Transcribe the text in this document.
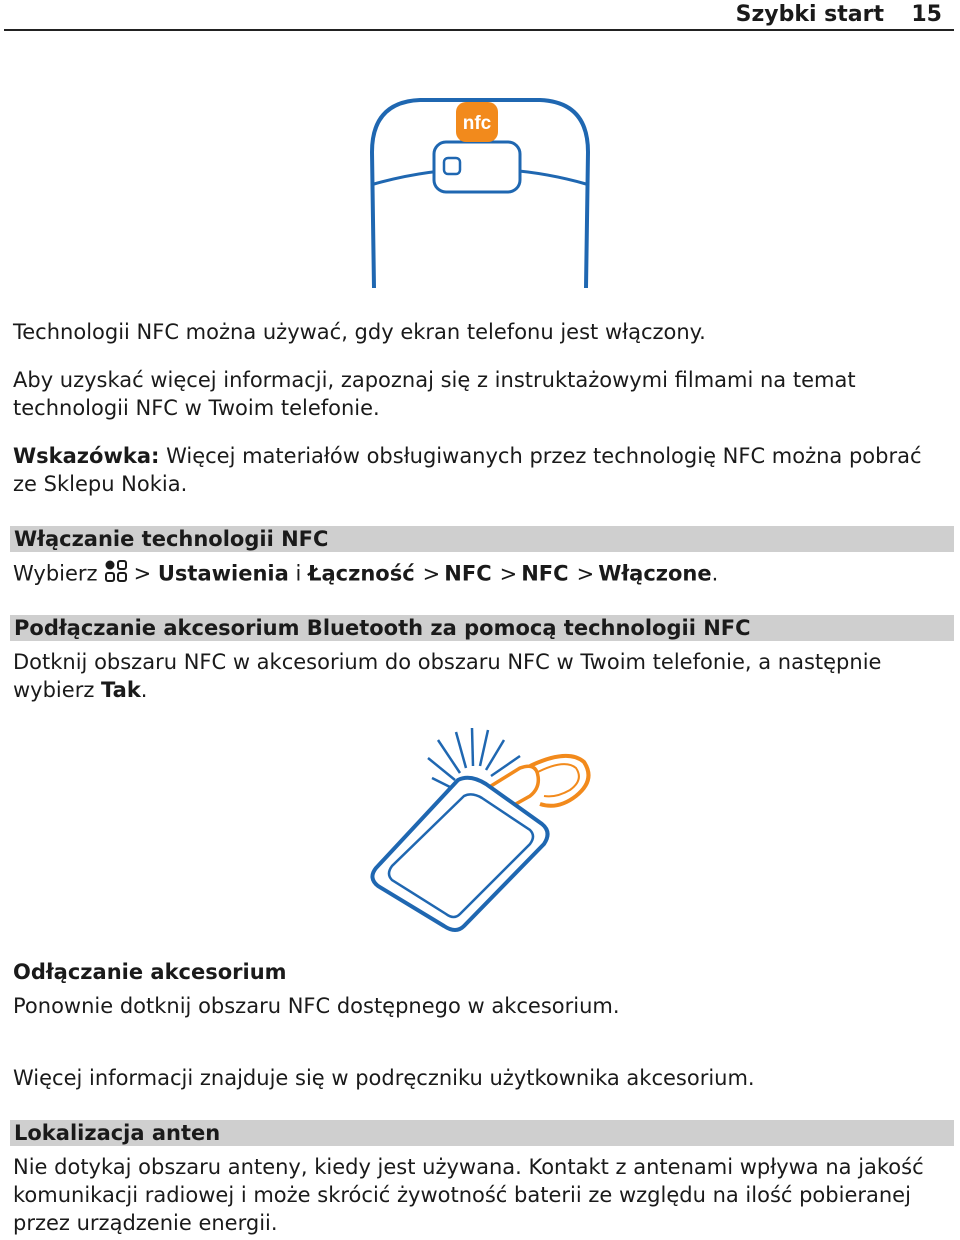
Szybki start 15
nfc
Technologii NFC można używać, gdy ekran telefonu jest włączony.
Aby uzyskać więcej informacji, zapoznaj się z instruktażowymi filmami na temat technologii NFC w Twoim telefonie.
Wskazówka: Więcej materiałów obsługiwanych przez technologię NFC można pobrać ze Sklepu Nokia.
Włączanie technologii NFC
Wybierz > Ustawienia i Łączność > NFC > NFC > Włączone.
Podłączanie akcesorium Bluetooth za pomocą technologii NFC
Dotknij obszaru NFC w akcesorium do obszaru NFC w Twoim telefonie, a następnie wybierz Tak.
Odłączanie akcesorium
Ponownie dotknij obszaru NFC dostępnego w akcesorium.
Więcej informacji znajduje się w podręczniku użytkownika akcesorium.
Lokalizacja anten
Nie dotykaj obszaru anteny, kiedy jest używana. Kontakt z antenami wpływa na jakość komunikacji radiowej i może skrócić żywotność baterii ze względu na ilość pobieranej przez urządzenie energii.
